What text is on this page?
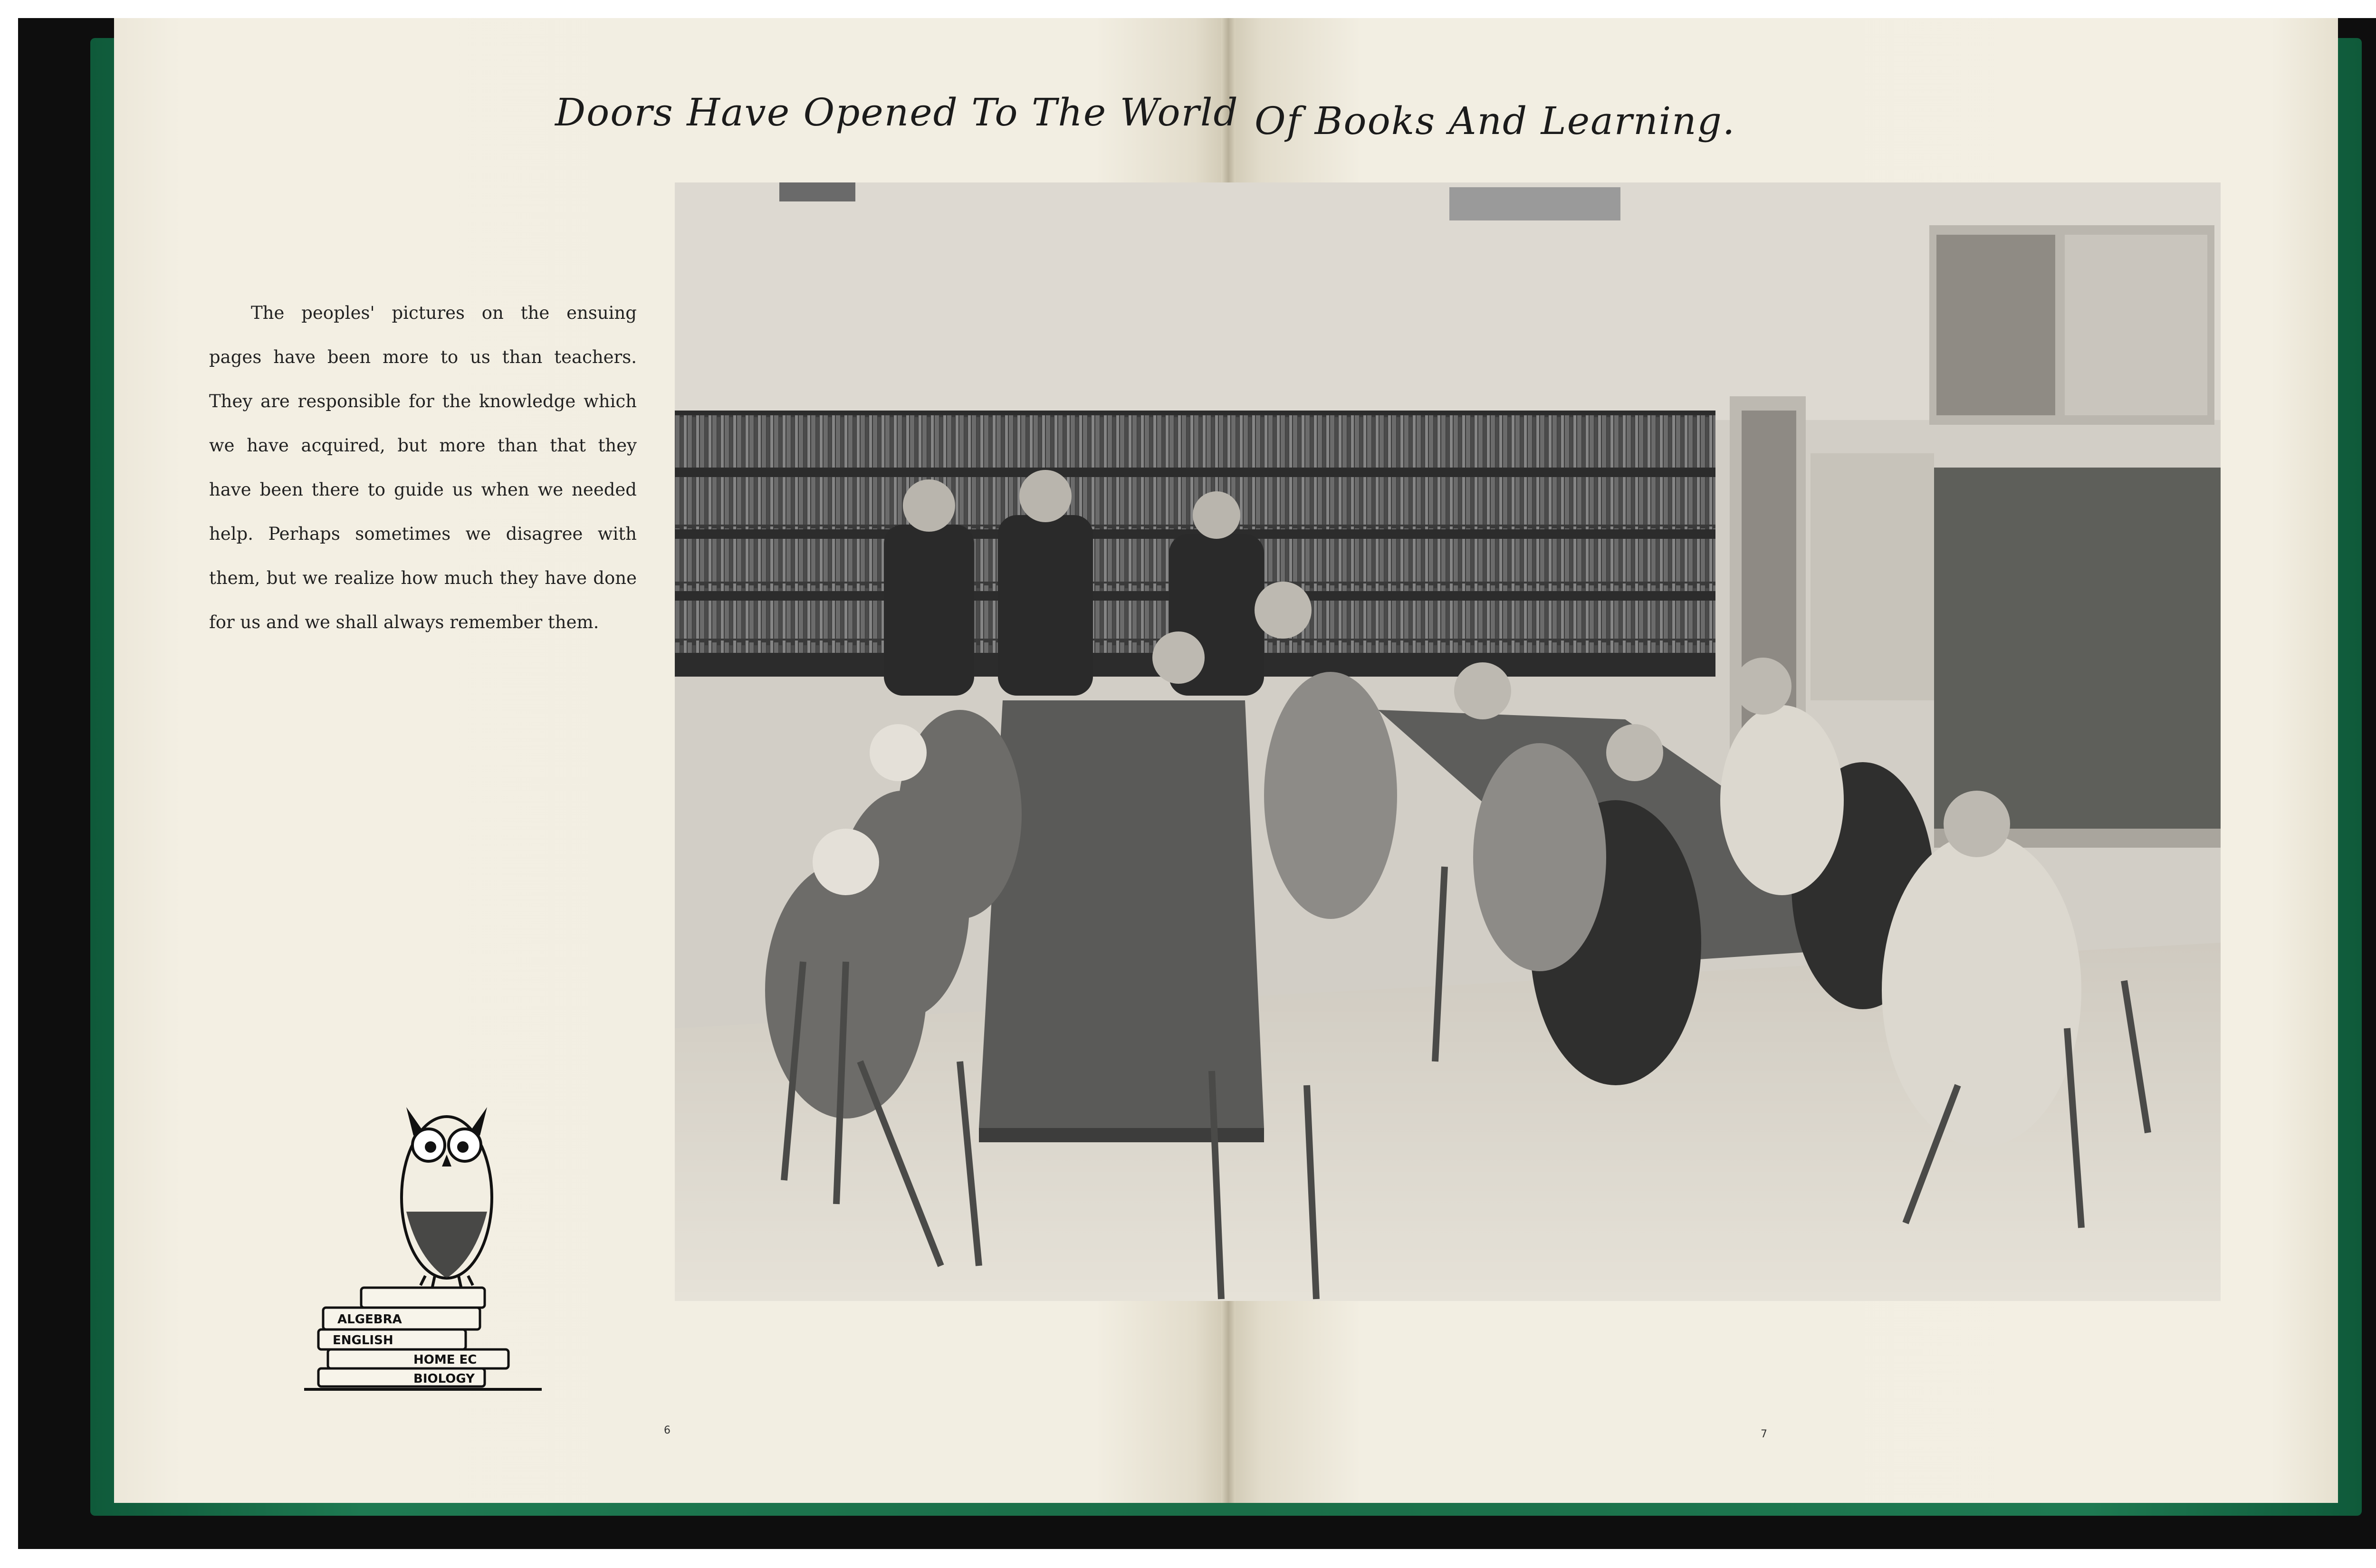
Doors Have Opened To The World Of Books And Learning.

The peoples' pictures on the ensuing pages have been more to us than teachers. They are responsible for the knowledge which we have acquired, but more than that they have been there to guide us when we needed help. Perhaps sometimes we disagree with them, but we realize how much they have done for us and we shall always remember them.

ALGEBRA
ENGLISH
HOME EC
BIOLOGY
6	7
